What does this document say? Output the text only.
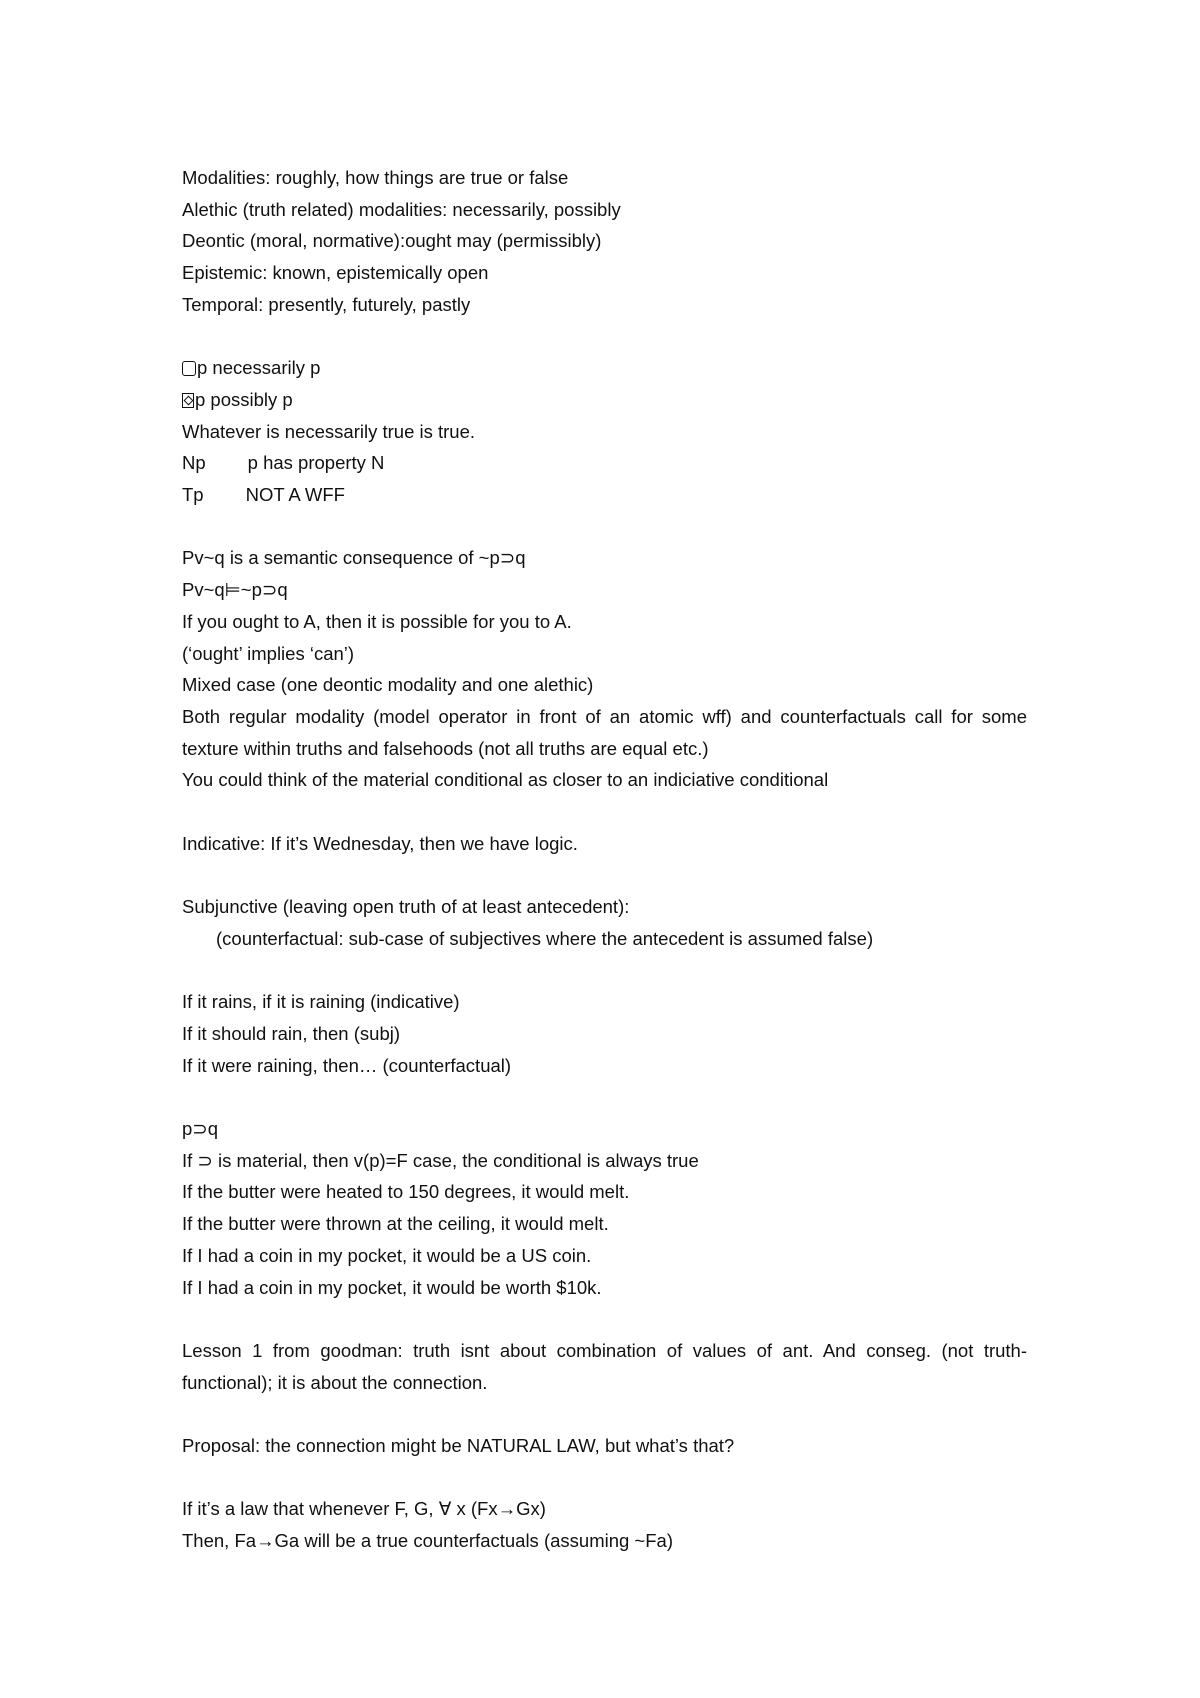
Modalities: roughly, how things are true or false

Alethic (truth related) modalities: necessarily, possibly

Deontic (moral, normative):ought may (permissibly)

Epistemic: known, epistemically open

Temporal: presently, futurely, pastly

p necessarily p

p possibly p

Whatever is necessarily true is true.

Np p has property N

Tp NOT A WFF

Pv~q is a semantic consequence of ~p⊃q

Pv~q⊨~p⊃q

If you ought to A, then it is possible for you to A.

(‘ought’ implies ‘can’)

Mixed case (one deontic modality and one alethic)

Both regular modality (model operator in front of an atomic wff) and counterfactuals call for some texture within truths and falsehoods (not all truths are equal etc.)

You could think of the material conditional as closer to an indiciative conditional

Indicative: If it’s Wednesday, then we have logic.

Subjunctive (leaving open truth of at least antecedent):

(counterfactual: sub-case of subjectives where the antecedent is assumed false)

If it rains, if it is raining (indicative)

If it should rain, then (subj)

If it were raining, then… (counterfactual)

p⊃q

If ⊃ is material, then v(p)=F case, the conditional is always true

If the butter were heated to 150 degrees, it would melt.

If the butter were thrown at the ceiling, it would melt.

If I had a coin in my pocket, it would be a US coin.

If I had a coin in my pocket, it would be worth $10k.

Lesson 1 from goodman: truth isnt about combination of values of ant. And conseg. (not truth-functional); it is about the connection.

Proposal: the connection might be NATURAL LAW, but what’s that?

If it’s a law that whenever F, G, ∀ x (Fx→Gx)

Then, Fa→Ga will be a true counterfactuals (assuming ~Fa)
